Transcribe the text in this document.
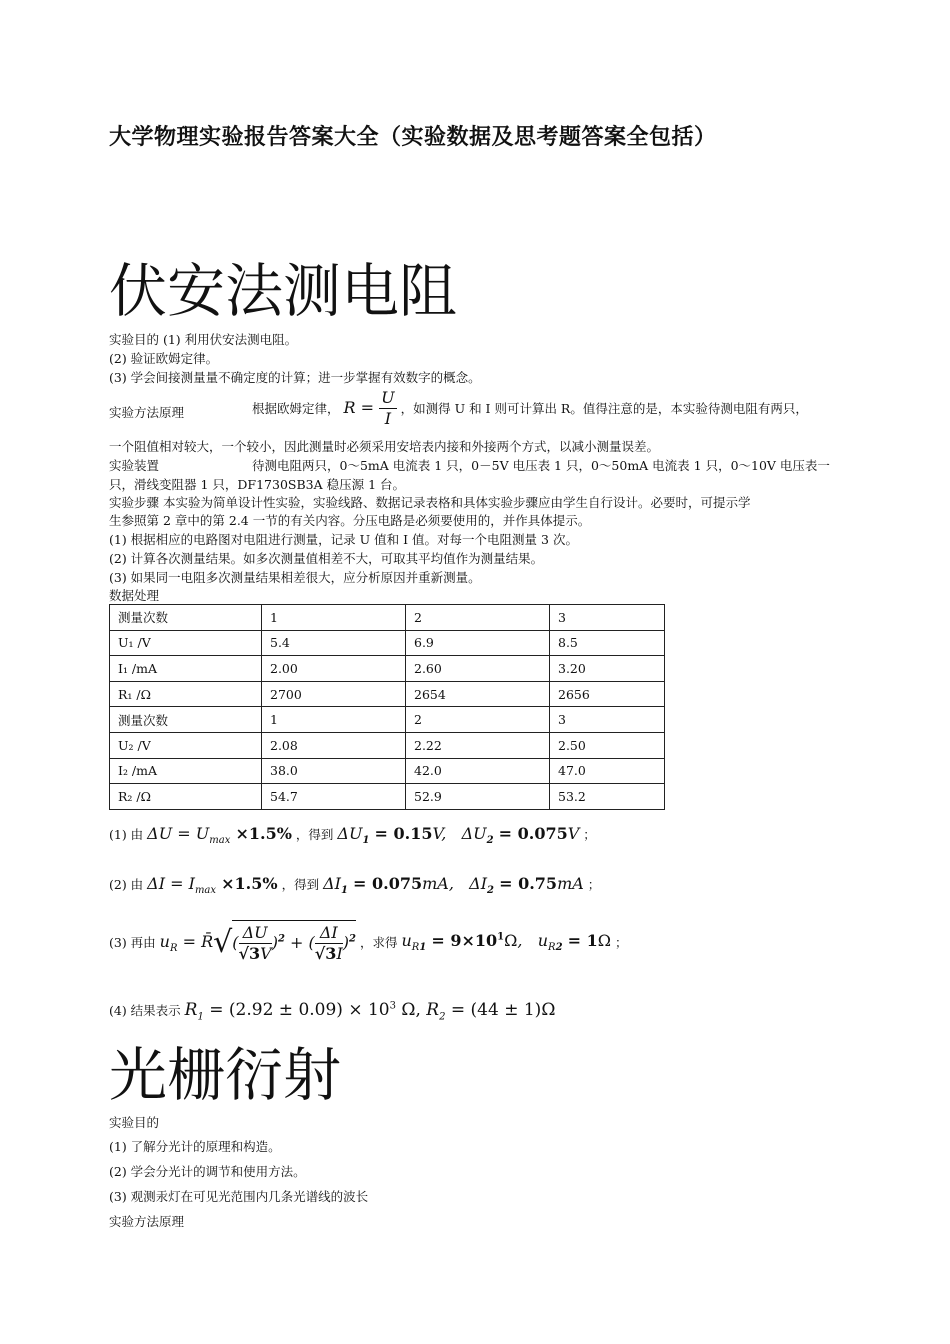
大学物理实验报告答案大全（实验数据及思考题答案全包括）
伏安法测电阻
实验目的 (1) 利用伏安法测电阻。
(2) 验证欧姆定律。
(3) 学会间接测量量不确定度的计算；进一步掌握有效数字的概念。
实验方法原理	根据欧姆定律， $R = \frac{U}{I}$ ，如测得 U 和 I 则可计算出 R。值得注意的是，本实验待测电阻有两只，
一个阻值相对较大，一个较小，因此测量时必须采用安培表内接和外接两个方式，以减小测量误差。
实验装置	待测电阻两只，0～5mA 电流表 1 只，0－5V 电压表 1 只，0～50mA 电流表 1 只，0～10V 电压表一
只，滑线变阻器 1 只，DF1730SB3A 稳压源 1 台。
实验步骤 本实验为简单设计性实验，实验线路、数据记录表格和具体实验步骤应由学生自行设计。必要时，可提示学
生参照第 2 章中的第 2.4 一节的有关内容。分压电路是必须要使用的，并作具体提示。
(1) 根据相应的电路图对电阻进行测量，记录 U 值和 I 值。对每一个电阻测量 3 次。
(2) 计算各次测量结果。如多次测量值相差不大，可取其平均值作为测量结果。
(3) 如果同一电阻多次测量结果相差很大，应分析原因并重新测量。
数据处理
测量次数	1	2	3
U₁ /V	5.4	6.9	8.5
I₁ /mA	2.00	2.60	3.20
R₁ /Ω	2700	2654	2656
测量次数	1	2	3
U₂ /V	2.08	2.22	2.50
I₂ /mA	38.0	42.0	47.0
R₂ /Ω	54.7	52.9	53.2
(1) 由 $\Delta U = U_{max} \times 1.5\%$ ，得到 $\Delta U_1 = 0.15V$,   $\Delta U_2 = 0.075V$ ；
(2) 由 $\Delta I = I_{max} \times 1.5\%$ ，得到 $\Delta I_1 = 0.075mA$,   $\Delta I_2 = 0.75mA$ ；
(3) 再由 $u_R$ = R̄√( $\frac{\Delta U}{√3V} )^2$ + ( $\frac{\Delta I}{√3I} )^2$ ，求得 $u_{R1} = 9\times 10^1\Omega$,   $u_{R2} = 1\Omega$ ；
(4) 结果表示 $R_1 = (2.92 \pm 0.09) \times 10^3$ Ω, $R_2 = (44 \pm 1)\Omega$
光栅衍射
实验目的
(1) 了解分光计的原理和构造。
(2) 学会分光计的调节和使用方法。
(3) 观测汞灯在可见光范围内几条光谱线的波长
实验方法原理
